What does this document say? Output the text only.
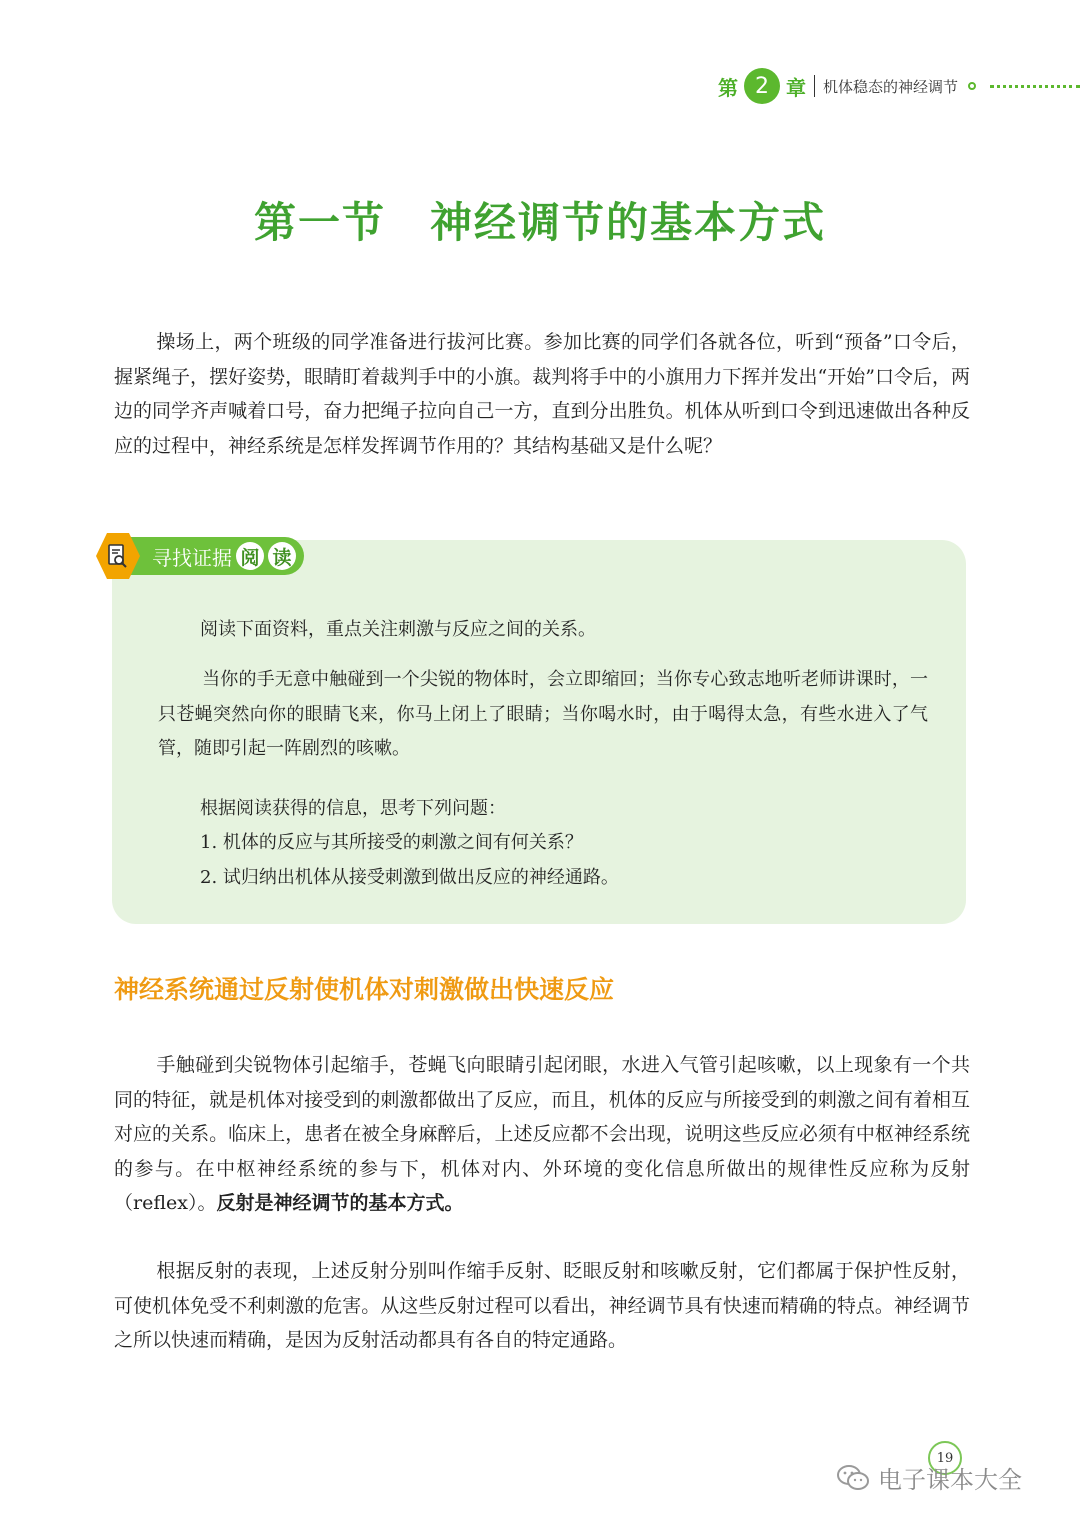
第 2 章 机体稳态的神经调节
第一节　神经调节的基本方式

操场上，两个班级的同学准备进行拔河比赛。参加比赛的同学们各就各位，听到“预备”口令后，握紧绳子，摆好姿势，眼睛盯着裁判手中的小旗。裁判将手中的小旗用力下挥并发出“开始”口令后，两边的同学齐声喊着口号，奋力把绳子拉向自己一方，直到分出胜负。机体从听到口令到迅速做出各种反应的过程中，神经系统是怎样发挥调节作用的？其结构基础又是什么呢？

寻找证据 阅 读

阅读下面资料，重点关注刺激与反应之间的关系。

当你的手无意中触碰到一个尖锐的物体时，会立即缩回；当你专心致志地听老师讲课时，一只苍蝇突然向你的眼睛飞来，你马上闭上了眼睛；当你喝水时，由于喝得太急，有些水进入了气管，随即引起一阵剧烈的咳嗽。

根据阅读获得的信息，思考下列问题：

1. 机体的反应与其所接受的刺激之间有何关系？

2. 试归纳出机体从接受刺激到做出反应的神经通路。

神经系统通过反射使机体对刺激做出快速反应

手触碰到尖锐物体引起缩手，苍蝇飞向眼睛引起闭眼，水进入气管引起咳嗽，以上现象有一个共同的特征，就是机体对接受到的刺激都做出了反应，而且，机体的反应与所接受到的刺激之间有着相互对应的关系。临床上，患者在被全身麻醉后，上述反应都不会出现，说明这些反应必须有中枢神经系统的参与。在中枢神经系统的参与下，机体对内、外环境的变化信息所做出的规律性反应称为反射（reflex）。反射是神经调节的基本方式。

根据反射的表现，上述反射分别叫作缩手反射、眨眼反射和咳嗽反射，它们都属于保护性反射，可使机体免受不利刺激的危害。从这些反射过程可以看出，神经调节具有快速而精确的特点。神经调节之所以快速而精确，是因为反射活动都具有各自的特定通路。

19
电子课本大全
